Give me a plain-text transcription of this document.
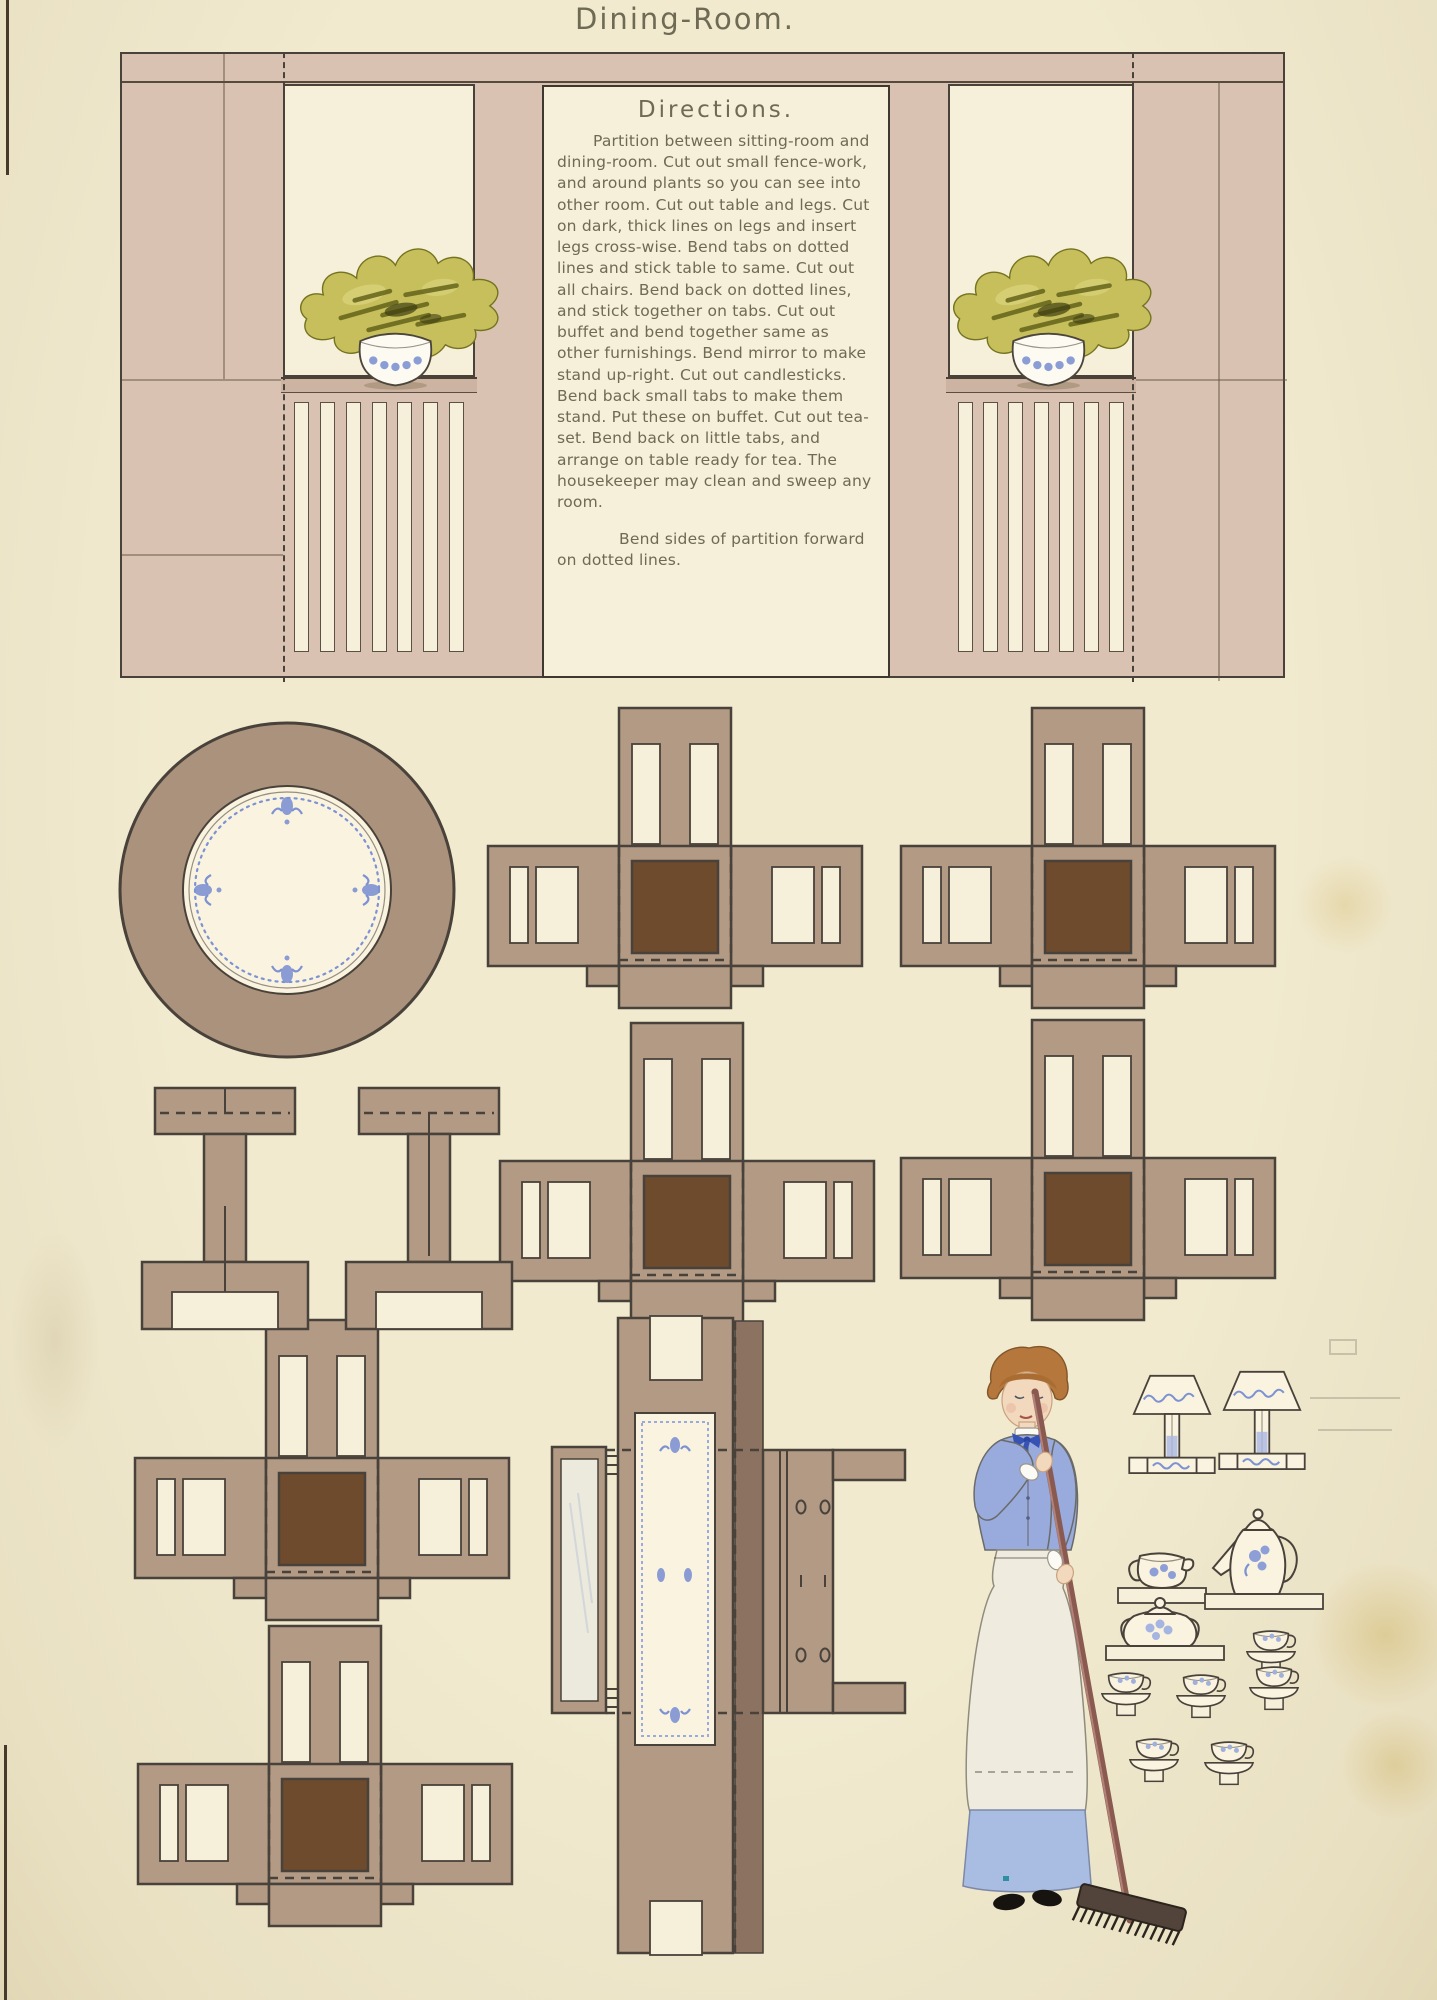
Dining-Room.
Directions.

Partition between sitting-room and dining-room. Cut out small fence-work, and around plants so you can see into other room. Cut out table and legs. Cut on dark, thick lines on legs and insert legs cross-wise. Bend tabs on dotted lines and stick table to same. Cut out all chairs. Bend back on dotted lines, and stick together on tabs. Cut out buffet and bend together same as other furnishings. Bend mirror to make stand up-right. Cut out candlesticks. Bend back small tabs to make them stand. Put these on buffet. Cut out tea-set. Bend back on little tabs, and arrange on table ready for tea. The housekeeper may clean and sweep any room.

Bend sides of partition forward on dotted lines.
